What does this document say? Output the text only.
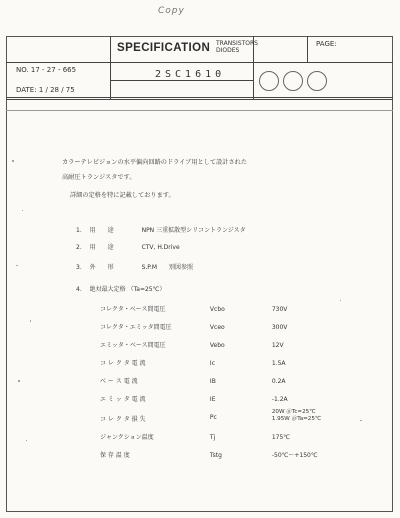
Copy
NO. 17 - 27 - 665
DATE: 1 / 28 / 75
SPECIFICATION TRANSISTORS
DIODES
PAGE:
2SC1610
カラーテレビジョンの水平偏向回路のドライブ用として設計された
高耐圧トランジスタです。
詳細の定格を特に記載しております。
1. 用　　途	NPN 三重拡散型シリコントランジスタ
2. 用　　途	CTV, H.Drive
3. 外　　形	S.P.M　　別図参照
4. 絶対最大定格 （Ta=25℃）
コレクタ・ベース間電圧	Vcbo	730V
コレクタ・エミッタ間電圧	Vceo	300V
エミッタ・ベース間電圧	Vebo	12V
コ レ ク タ 電 流	Ic	1.5A
ベ ー ス 電 流	IB	0.2A
エ ミ ッ タ 電 流	IE	-1.2A
コ レ ク タ 損 失	Pc
20W ＠Tc=25℃
1.95W ＠Ta=25℃
ジャンクション温度	Tj	175℃
保 存 温 度	Tstg	-50℃〜+150℃
